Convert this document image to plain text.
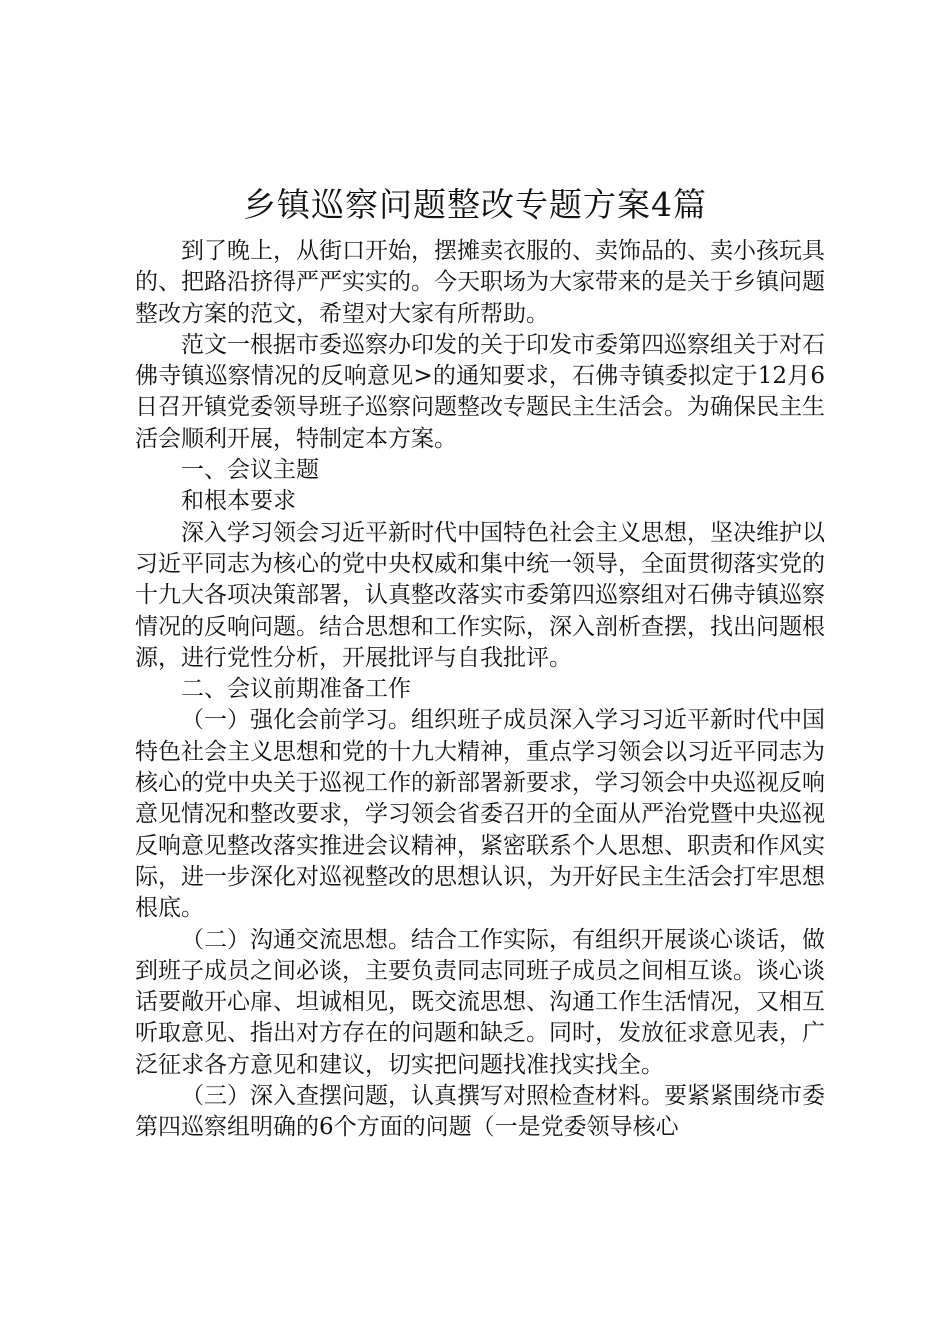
乡镇巡察问题整改专题方案4篇

到了晚上，从街口开始，摆摊卖衣服的、卖饰品的、卖小孩玩具的、把路沿挤得严严实实的。今天职场为大家带来的是关于乡镇问题整改方案的范文，希望对大家有所帮助。

范文一根据市委巡察办印发的关于印发市委第四巡察组关于对石佛寺镇巡察情况的反响意见>的通知要求，石佛寺镇委拟定于12月6日召开镇党委领导班子巡察问题整改专题民主生活会。为确保民主生活会顺利开展，特制定本方案。

一、会议主题

和根本要求

深入学习领会习近平新时代中国特色社会主义思想，坚决维护以习近平同志为核心的党中央权威和集中统一领导，全面贯彻落实党的十九大各项决策部署，认真整改落实市委第四巡察组对石佛寺镇巡察情况的反响问题。结合思想和工作实际，深入剖析查摆，找出问题根源，进行党性分析，开展批评与自我批评。

二、会议前期准备工作

（一）强化会前学习。组织班子成员深入学习习近平新时代中国特色社会主义思想和党的十九大精神，重点学习领会以习近平同志为核心的党中央关于巡视工作的新部署新要求，学习领会中央巡视反响意见情况和整改要求，学习领会省委召开的全面从严治党暨中央巡视反响意见整改落实推进会议精神，紧密联系个人思想、职责和作风实际，进一步深化对巡视整改的思想认识，为开好民主生活会打牢思想根底。

（二）沟通交流思想。结合工作实际，有组织开展谈心谈话，做到班子成员之间必谈，主要负责同志同班子成员之间相互谈。谈心谈话要敞开心扉、坦诚相见，既交流思想、沟通工作生活情况，又相互听取意见、指出对方存在的问题和缺乏。同时，发放征求意见表，广泛征求各方意见和建议，切实把问题找准找实找全。

（三）深入查摆问题，认真撰写对照检查材料。要紧紧围绕市委第四巡察组明确的6个方面的问题（一是党委领导核心
